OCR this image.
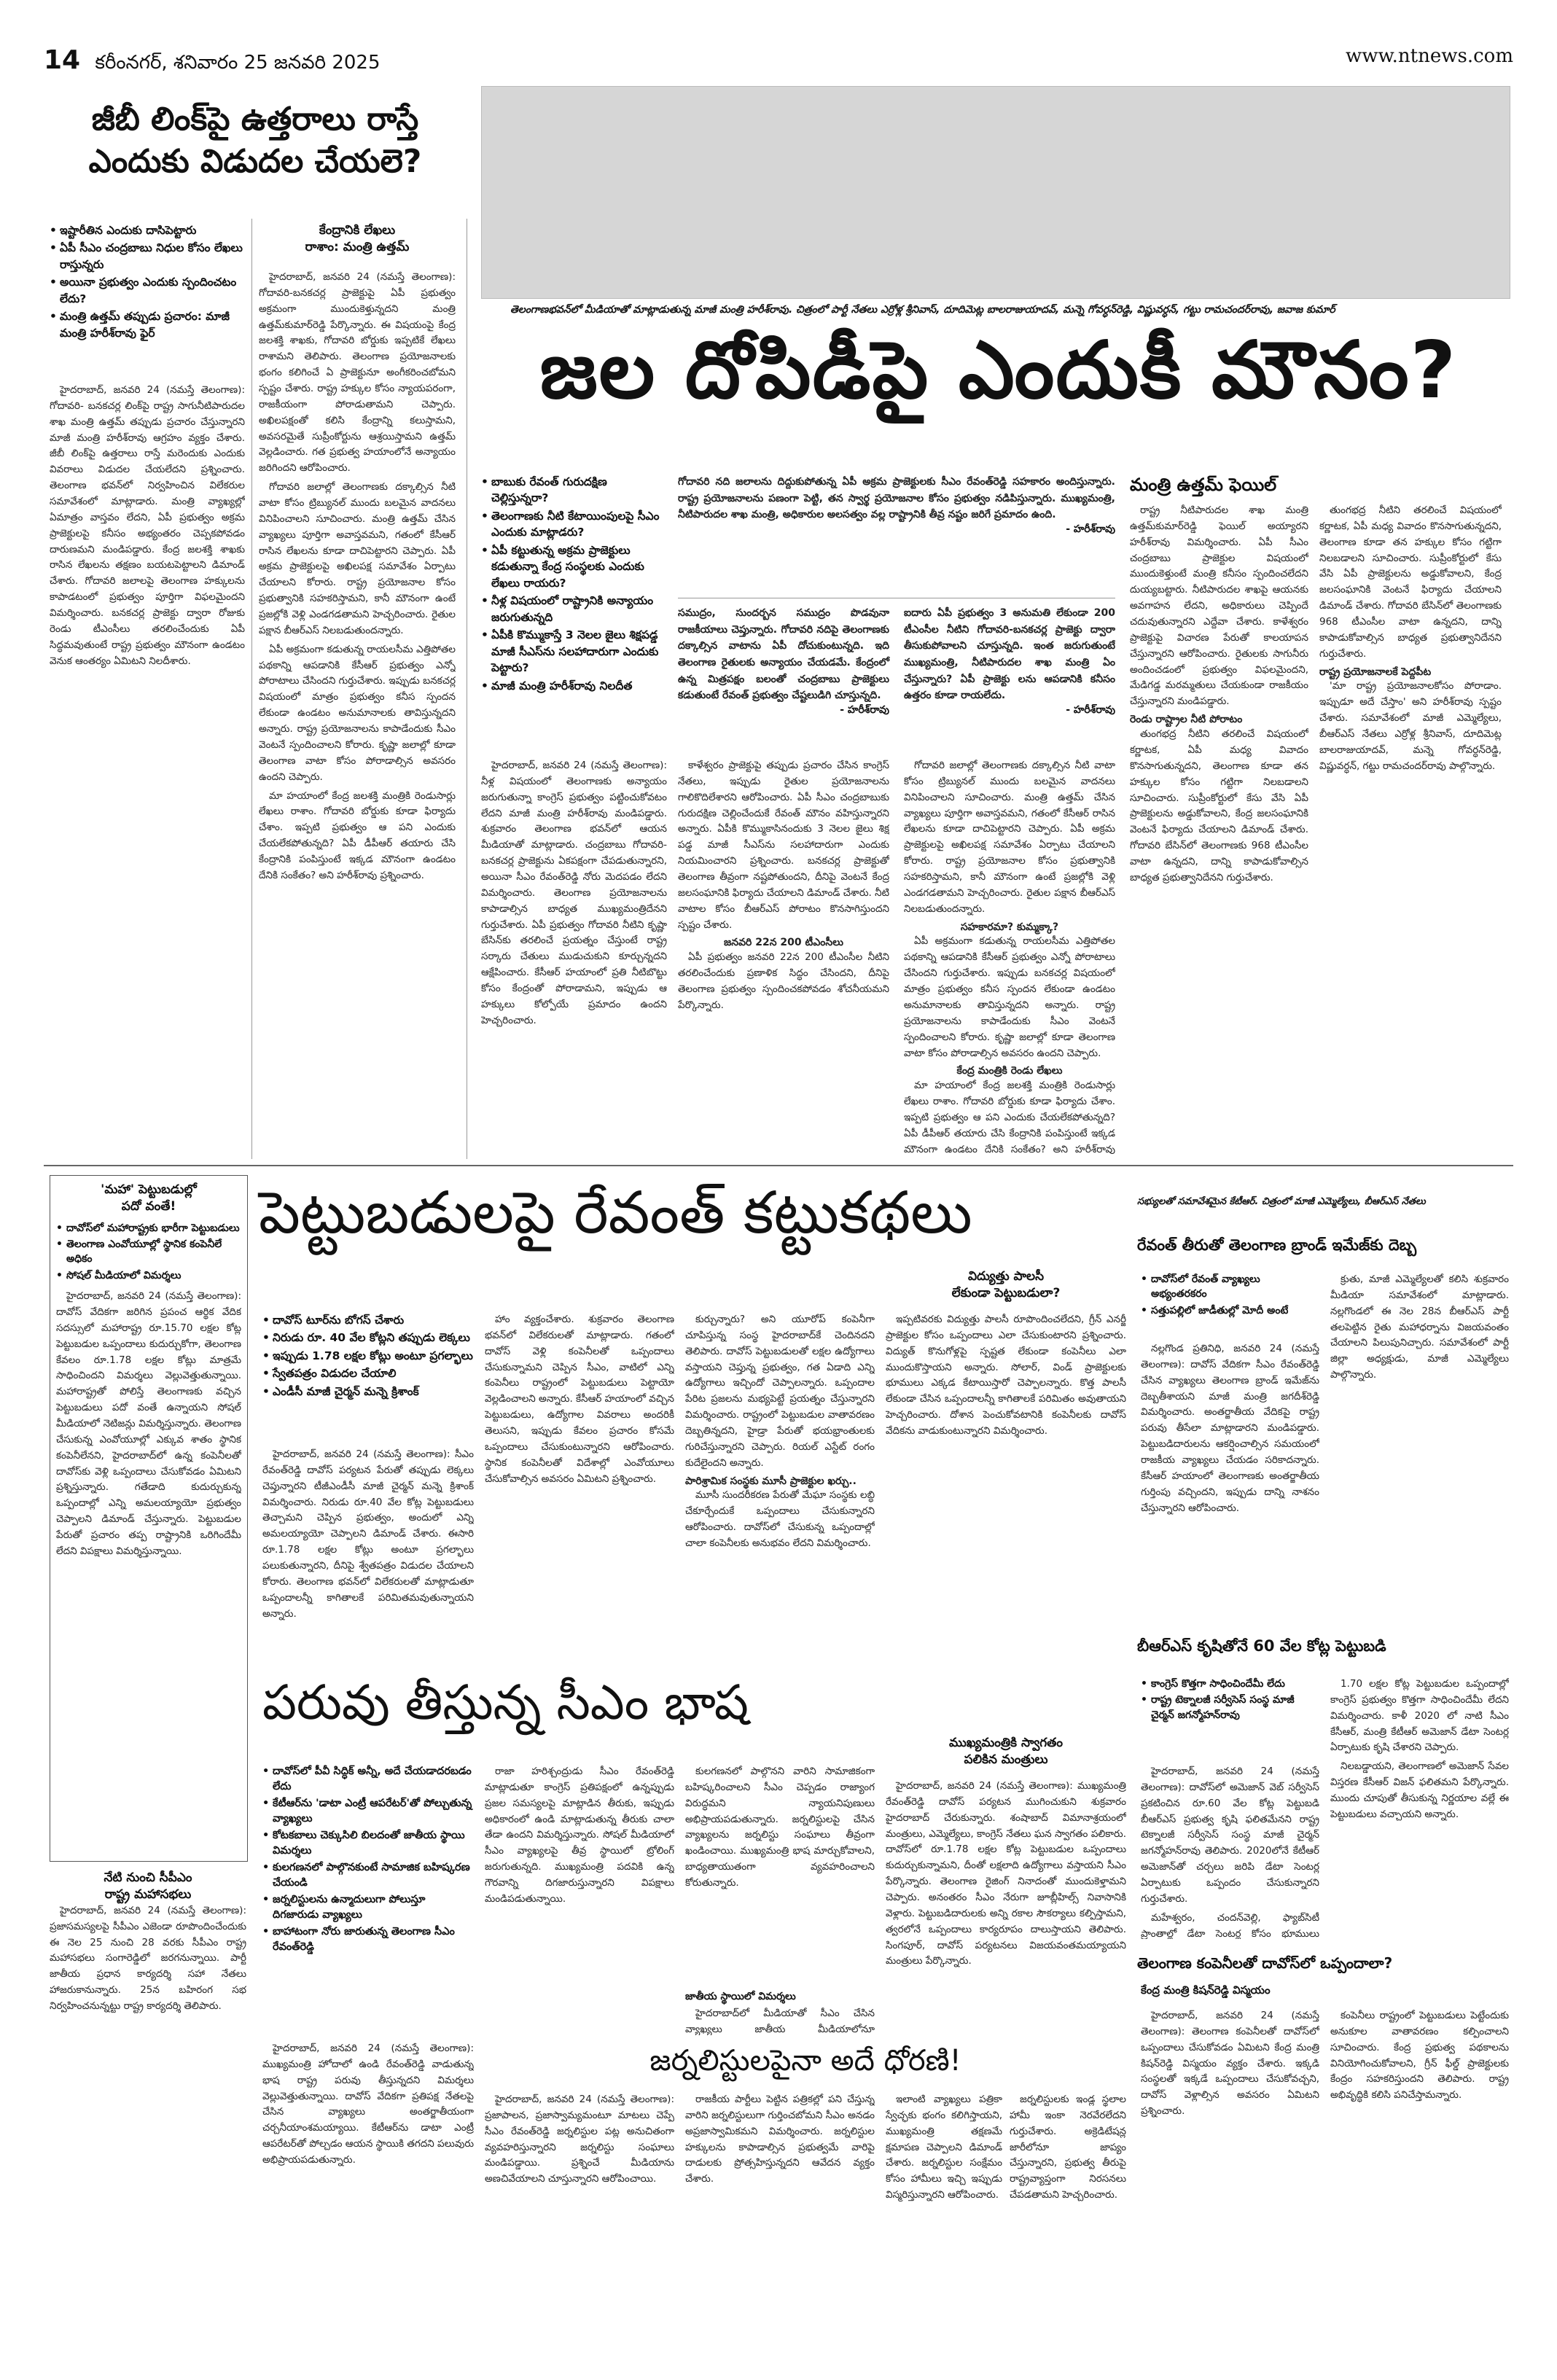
14 కరీంనగర్, శనివారం 25 జనవరి 2025	www.ntnews.com
జీబీ లింక్‌పై ఉత్తరాలు రాస్తే
ఎందుకు విడుదల చేయలె?
• ఇష్టారీతిన ఎందుకు దాసిపెట్టారు
• ఏపీ సీఎం చంద్రబాబు నిధుల కోసం లేఖలు రాస్తున్నరు
• అయినా ప్రభుత్వం ఎందుకు స్పందించటం లేదు?
• మంత్రి ఉత్తమ్‌ తప్పుడు ప్రచారం: మాజీ మంత్రి హరీశ్‌రావు ఫైర్

హైదరాబాద్‌, జనవరి 24 (నమస్తే తెలంగాణ): గోదావరి- బనకచర్ల లింక్‌పై రాష్ట్ర సాగునీటిపారుదల శాఖ మంత్రి ఉత్తమ్‌ తప్పుడు ప్రచారం చేస్తున్నారని మాజీ మంత్రి హరీశ్‌రావు ఆగ్రహం వ్యక్తం చేశారు. జీబీ లింక్‌పై ఉత్తరాలు రాస్తే మరెందుకు ఎందుకు వివరాలు విడుదల చేయలేదని ప్రశ్నించారు. తెలంగాణ భవన్‌లో నిర్వహించిన విలేకరుల సమావేశంలో మాట్లాడారు. మంత్రి వ్యాఖ్యల్లో ఏమాత్రం వాస్తవం లేదని, ఏపీ ప్రభుత్వం అక్రమ ప్రాజెక్టులపై కనీసం అభ్యంతరం చెప్పకపోవడం దారుణమని మండిపడ్డారు. కేంద్ర జలశక్తి శాఖకు రాసిన లేఖలను తక్షణం బయటపెట్టాలని డిమాండ్‌ చేశారు. గోదావరి జలాలపై తెలంగాణ హక్కులను కాపాడటంలో ప్రభుత్వం పూర్తిగా విఫలమైందని విమర్శించారు. బనకచర్ల ప్రాజెక్టు ద్వారా రోజుకు రెండు టీఎంసీలు తరలించేందుకు ఏపీ సిద్ధమవుతుంటే రాష్ట్ర ప్రభుత్వం మౌనంగా ఉండటం వెనుక ఆంతర్యం ఏమిటని నిలదీశారు.

కేంద్రానికి లేఖలు
రాశాం: మంత్రి ఉత్తమ్‌

హైదరాబాద్‌, జనవరి 24 (నమస్తే తెలంగాణ): గోదావరి-బనకచర్ల ప్రాజెక్టుపై ఏపీ ప్రభుత్వం అక్రమంగా ముందుకెళ్తున్నదని మంత్రి ఉత్తమ్‌కుమార్‌రెడ్డి పేర్కొన్నారు. ఈ విషయంపై కేంద్ర జలశక్తి శాఖకు, గోదావరి బోర్డుకు ఇప్పటికే లేఖలు రాశామని తెలిపారు. తెలంగాణ ప్రయోజనాలకు భంగం కలిగించే ఏ ప్రాజెక్టునూ అంగీకరించబోమని స్పష్టం చేశారు. రాష్ట్ర హక్కుల కోసం న్యాయపరంగా, రాజకీయంగా పోరాడుతామని చెప్పారు. అఖిలపక్షంతో కలిసి కేంద్రాన్ని కలుస్తామని, అవసరమైతే సుప్రీంకోర్టును ఆశ్రయిస్తామని ఉత్తమ్‌ వెల్లడించారు. గత ప్రభుత్వ హయాంలోనే అన్యాయం జరిగిందని ఆరోపించారు.

గోదావరి జలాల్లో తెలంగాణకు దక్కాల్సిన నీటి వాటా కోసం ట్రిబ్యునల్‌ ముందు బలమైన వాదనలు వినిపించాలని సూచించారు. మంత్రి ఉత్తమ్‌ చేసిన వ్యాఖ్యలు పూర్తిగా అవాస్తవమని, గతంలో కేసీఆర్‌ రాసిన లేఖలను కూడా దాచిపెట్టారని చెప్పారు. ఏపీ అక్రమ ప్రాజెక్టులపై అఖిలపక్ష సమావేశం ఏర్పాటు చేయాలని కోరారు. రాష్ట్ర ప్రయోజనాల కోసం ప్రభుత్వానికి సహకరిస్తామని, కానీ మౌనంగా ఉంటే ప్రజల్లోకి వెళ్లి ఎండగడతామని హెచ్చరించారు. రైతుల పక్షాన బీఆర్‌ఎస్‌ నిలబడుతుందన్నారు.

ఏపీ అక్రమంగా కడుతున్న రాయలసీమ ఎత్తిపోతల పథకాన్ని ఆపడానికి కేసీఆర్‌ ప్రభుత్వం ఎన్నో పోరాటాలు చేసిందని గుర్తుచేశారు. ఇప్పుడు బనకచర్ల విషయంలో మాత్రం ప్రభుత్వం కనీస స్పందన లేకుండా ఉండటం అనుమానాలకు తావిస్తున్నదని అన్నారు. రాష్ట్ర ప్రయోజనాలను కాపాడేందుకు సీఎం వెంటనే స్పందించాలని కోరారు. కృష్ణా జలాల్లో కూడా తెలంగాణ వాటా కోసం పోరాడాల్సిన అవసరం ఉందని చెప్పారు.

మా హయాంలో కేంద్ర జలశక్తి మంత్రికి రెండుసార్లు లేఖలు రాశాం. గోదావరి బోర్డుకు కూడా ఫిర్యాదు చేశాం. ఇప్పటి ప్రభుత్వం ఆ పని ఎందుకు చేయలేకపోతున్నది? ఏపీ డీపీఆర్‌ తయారు చేసి కేంద్రానికి పంపిస్తుంటే ఇక్కడ మౌనంగా ఉండటం దేనికి సంకేతం? అని హరీశ్‌రావు ప్రశ్నించారు.

తెలంగాణభవన్‌లో మీడియాతో మాట్లాడుతున్న మాజీ మంత్రి హరీశ్‌రావు. చిత్రంలో పార్టీ నేతలు ఎర్రోళ్ల శ్రీనివాస్‌, దూదిమెట్ల బాలరాజుయాదవ్‌, మన్నె గోవర్ధన్‌రెడ్డి, విష్ణువర్ధన్‌, గట్టు రామచందర్‌రావు, జవాజ కుమార్
జల దోపిడీపై ఎందుకీ మౌనం?
• బాబుకు రేవంత్‌ గురుదక్షిణ చెల్లిస్తున్నరా?
• తెలంగాణకు నీటి కేటాయింపులపై సీఎం ఎందుకు మాట్లాడరు?
• ఏపీ కట్టుతున్న అక్రమ ప్రాజెక్టులు కడుతున్నా కేంద్ర సంస్థలకు ఎందుకు లేఖలు రాయరు?
• నీళ్ల విషయంలో రాష్ట్రానికి అన్యాయం జరుగుతున్నది
• ఏపీకి కొమ్ముకాస్తే 3 నెలల జైలు శిక్షపడ్డ మాజీ సీఎస్‌ను సలహాదారుగా ఎందుకు పెట్టారు?
• మాజీ మంత్రి హరీశ్‌రావు నిలదీత
గోదావరి నది జలాలను దిద్దుకుపోతున్న ఏపీ అక్రమ ప్రాజెక్టులకు సీఎం రేవంత్‌రెడ్డి సహకారం అందిస్తున్నారు. రాష్ట్ర ప్రయోజనాలను పణంగా పెట్టి, తన స్వార్థ ప్రయోజనాల కోసం ప్రభుత్వం నడిపిస్తున్నారు. ముఖ్యమంత్రి, నీటిపారుదల శాఖ మంత్రి, అధికారుల అలసత్వం వల్ల రాష్ట్రానికి తీవ్ర నష్టం జరిగే ప్రమాదం ఉంది.
- హరీశ్‌రావు
సముద్రం, సుందర్బన సముద్రం పొడవునా రాజకీయాలు చెప్తున్నారు. గోదావరి నదిపై తెలంగాణకు దక్కాల్సిన వాటాను ఏపీ దోచుకుంటున్నది. ఇది తెలంగాణ రైతులకు అన్యాయం చేయడమే. కేంద్రంలో ఉన్న మిత్రపక్షం బలంతో చంద్రబాబు ప్రాజెక్టులు కడుతుంటే రేవంత్‌ ప్రభుత్వం చేష్టలుడిగి చూస్తున్నది.
- హరీశ్‌రావు
ఐదారు ఏపీ ప్రభుత్వం 3 అనుమతి లేకుండా 200 టీఎంసీల నీటిని గోదావరి-బనకచర్ల ప్రాజెక్టు ద్వారా తీసుకుపోవాలని చూస్తున్నది. ఇంత జరుగుతుంటే ముఖ్యమంత్రి, నీటిపారుదల శాఖ మంత్రి ఏం చేస్తున్నారు? ఏపీ ప్రాజెక్టు లను ఆపడానికి కనీసం ఉత్తరం కూడా రాయలేదు.
- హరీశ్‌రావు

హైదరాబాద్‌, జనవరి 24 (నమస్తే తెలంగాణ): నీళ్ల విషయంలో తెలంగాణకు అన్యాయం జరుగుతున్నా కాంగ్రెస్‌ ప్రభుత్వం పట్టించుకోవటం లేదని మాజీ మంత్రి హరీశ్‌రావు మండిపడ్డారు. శుక్రవారం తెలంగాణ భవన్‌లో ఆయన మీడియాతో మాట్లాడారు. చంద్రబాబు గోదావరి-బనకచర్ల ప్రాజెక్టును ఏకపక్షంగా చేపడుతున్నారని, అయినా సీఎం రేవంత్‌రెడ్డి నోరు మెదపడం లేదని విమర్శించారు. తెలంగాణ ప్రయోజనాలను కాపాడాల్సిన బాధ్యత ముఖ్యమంత్రిదేనని గుర్తుచేశారు. ఏపీ ప్రభుత్వం గోదావరి నీటిని కృష్ణా బేసిన్‌కు తరలించే ప్రయత్నం చేస్తుంటే రాష్ట్ర సర్కారు చేతులు ముడుచుకుని కూర్చున్నదని ఆక్షేపించారు. కేసీఆర్‌ హయాంలో ప్రతి నీటిబొట్టు కోసం కేంద్రంతో పోరాడామని, ఇప్పుడు ఆ హక్కులు కోల్పోయే ప్రమాదం ఉందని హెచ్చరించారు.

కాళేశ్వరం ప్రాజెక్టుపై తప్పుడు ప్రచారం చేసిన కాంగ్రెస్‌ నేతలు, ఇప్పుడు రైతుల ప్రయోజనాలను గాలికొదిలేశారని ఆరోపించారు. ఏపీ సీఎం చంద్రబాబుకు గురుదక్షిణ చెల్లించేందుకే రేవంత్‌ మౌనం వహిస్తున్నారని అన్నారు. ఏపీకి కొమ్ముకాసినందుకు 3 నెలల జైలు శిక్ష పడ్డ మాజీ సీఎస్‌ను సలహాదారుగా ఎందుకు నియమించారని ప్రశ్నించారు. బనకచర్ల ప్రాజెక్టుతో తెలంగాణ తీవ్రంగా నష్టపోతుందని, దీనిపై వెంటనే కేంద్ర జలసంఘానికి ఫిర్యాదు చేయాలని డిమాండ్‌ చేశారు. నీటి వాటాల కోసం బీఆర్‌ఎస్‌ పోరాటం కొనసాగిస్తుందని స్పష్టం చేశారు.

జనవరి 22న 200 టీఎంసీలు

ఏపీ ప్రభుత్వం జనవరి 22న 200 టీఎంసీల నీటిని తరలించేందుకు ప్రణాళిక సిద్ధం చేసిందని, దీనిపై తెలంగాణ ప్రభుత్వం స్పందించకపోవడం శోచనీయమని పేర్కొన్నారు.

గోదావరి జలాల్లో తెలంగాణకు దక్కాల్సిన నీటి వాటా కోసం ట్రిబ్యునల్‌ ముందు బలమైన వాదనలు వినిపించాలని సూచించారు. మంత్రి ఉత్తమ్‌ చేసిన వ్యాఖ్యలు పూర్తిగా అవాస్తవమని, గతంలో కేసీఆర్‌ రాసిన లేఖలను కూడా దాచిపెట్టారని చెప్పారు. ఏపీ అక్రమ ప్రాజెక్టులపై అఖిలపక్ష సమావేశం ఏర్పాటు చేయాలని కోరారు. రాష్ట్ర ప్రయోజనాల కోసం ప్రభుత్వానికి సహకరిస్తామని, కానీ మౌనంగా ఉంటే ప్రజల్లోకి వెళ్లి ఎండగడతామని హెచ్చరించారు. రైతుల పక్షాన బీఆర్‌ఎస్‌ నిలబడుతుందన్నారు.

సహకారమా? కుమ్మక్కా?

ఏపీ అక్రమంగా కడుతున్న రాయలసీమ ఎత్తిపోతల పథకాన్ని ఆపడానికి కేసీఆర్‌ ప్రభుత్వం ఎన్నో పోరాటాలు చేసిందని గుర్తుచేశారు. ఇప్పుడు బనకచర్ల విషయంలో మాత్రం ప్రభుత్వం కనీస స్పందన లేకుండా ఉండటం అనుమానాలకు తావిస్తున్నదని అన్నారు. రాష్ట్ర ప్రయోజనాలను కాపాడేందుకు సీఎం వెంటనే స్పందించాలని కోరారు. కృష్ణా జలాల్లో కూడా తెలంగాణ వాటా కోసం పోరాడాల్సిన అవసరం ఉందని చెప్పారు.

కేంద్ర మంత్రికి రెండు లేఖలు

మా హయాంలో కేంద్ర జలశక్తి మంత్రికి రెండుసార్లు లేఖలు రాశాం. గోదావరి బోర్డుకు కూడా ఫిర్యాదు చేశాం. ఇప్పటి ప్రభుత్వం ఆ పని ఎందుకు చేయలేకపోతున్నది? ఏపీ డీపీఆర్‌ తయారు చేసి కేంద్రానికి పంపిస్తుంటే ఇక్కడ మౌనంగా ఉండటం దేనికి సంకేతం? అని హరీశ్‌రావు

మంత్రి ఉత్తమ్‌ ఫెయిల్‌

రాష్ట్ర నీటిపారుదల శాఖ మంత్రి ఉత్తమ్‌కుమార్‌రెడ్డి ఫెయిల్‌ అయ్యారని హరీశ్‌రావు విమర్శించారు. ఏపీ సీఎం చంద్రబాబు ప్రాజెక్టుల విషయంలో ముందుకెళ్తుంటే మంత్రి కనీసం స్పందించలేదని దుయ్యబట్టారు. నీటిపారుదల శాఖపై ఆయనకు అవగాహన లేదని, అధికారులు చెప్పిందే చదువుతున్నారని ఎద్దేవా చేశారు. కాళేశ్వరం ప్రాజెక్టుపై విచారణ పేరుతో కాలయాపన చేస్తున్నారని ఆరోపించారు. రైతులకు సాగునీరు అందించడంలో ప్రభుత్వం విఫలమైందని, మేడిగడ్డ మరమ్మతులు చేయకుండా రాజకీయం చేస్తున్నారని మండిపడ్డారు.

రెండు రాష్ట్రాల నీటి పోరాటం

తుంగభద్ర నీటిని తరలించే విషయంలో కర్ణాటక, ఏపీ మధ్య వివాదం కొనసాగుతున్నదని, తెలంగాణ కూడా తన హక్కుల కోసం గట్టిగా నిలబడాలని సూచించారు. సుప్రీంకోర్టులో కేసు వేసి ఏపీ ప్రాజెక్టులను అడ్డుకోవాలని, కేంద్ర జలసంఘానికి వెంటనే ఫిర్యాదు చేయాలని డిమాండ్‌ చేశారు. గోదావరి బేసిన్‌లో తెలంగాణకు 968 టీఎంసీల వాటా ఉన్నదని, దాన్ని కాపాడుకోవాల్సిన బాధ్యత ప్రభుత్వానిదేనని గుర్తుచేశారు.

తుంగభద్ర నీటిని తరలించే విషయంలో కర్ణాటక, ఏపీ మధ్య వివాదం కొనసాగుతున్నదని, తెలంగాణ కూడా తన హక్కుల కోసం గట్టిగా నిలబడాలని సూచించారు. సుప్రీంకోర్టులో కేసు వేసి ఏపీ ప్రాజెక్టులను అడ్డుకోవాలని, కేంద్ర జలసంఘానికి వెంటనే ఫిర్యాదు చేయాలని డిమాండ్‌ చేశారు. గోదావరి బేసిన్‌లో తెలంగాణకు 968 టీఎంసీల వాటా ఉన్నదని, దాన్ని కాపాడుకోవాల్సిన బాధ్యత ప్రభుత్వానిదేనని గుర్తుచేశారు.

రాష్ట్ర ప్రయోజనాలకే పెద్దపీట

'మా రాష్ట్ర ప్రయోజనాలకోసం పోరాడాం. ఇప్పుడూ అదే చేస్తాం' అని హరీశ్‌రావు స్పష్టం చేశారు. సమావేశంలో మాజీ ఎమ్మెల్యేలు, బీఆర్‌ఎస్‌ నేతలు ఎర్రోళ్ల శ్రీనివాస్‌, దూదిమెట్ల బాలరాజుయాదవ్‌, మన్నె గోవర్ధన్‌రెడ్డి, విష్ణువర్ధన్‌, గట్టు రామచందర్‌రావు పాల్గొన్నారు.

'మహా' పెట్టుబడుల్లో
పదో వంతే!
• దావోస్‌లో మహారాష్ట్రకు భారీగా పెట్టుబడులు
• తెలంగాణ ఎంవోయూల్లో స్థానిక కంపెనీలే అధికం
• సోషల్‌ మీడియాలో విమర్శలు

హైదరాబాద్‌, జనవరి 24 (నమస్తే తెలంగాణ): దావోస్‌ వేదికగా జరిగిన ప్రపంచ ఆర్థిక వేదిక సదస్సులో మహారాష్ట్ర రూ.15.70 లక్షల కోట్ల పెట్టుబడుల ఒప్పందాలు కుదుర్చుకోగా, తెలంగాణ కేవలం రూ.1.78 లక్షల కోట్లు మాత్రమే సాధించిందని విమర్శలు వెల్లువెత్తుతున్నాయి. మహారాష్ట్రతో పోలిస్తే తెలంగాణకు వచ్చిన పెట్టుబడులు పదో వంతే ఉన్నాయని సోషల్‌ మీడియాలో నెటిజన్లు విమర్శిస్తున్నారు. తెలంగాణ చేసుకున్న ఎంవోయూల్లో ఎక్కువ శాతం స్థానిక కంపెనీలేనని, హైదరాబాద్‌లో ఉన్న కంపెనీలతో దావోస్‌కు వెళ్లి ఒప్పందాలు చేసుకోవడం ఏమిటని ప్రశ్నిస్తున్నారు. గతేడాది కుదుర్చుకున్న ఒప్పందాల్లో ఎన్ని అమలయ్యాయో ప్రభుత్వం చెప్పాలని డిమాండ్‌ చేస్తున్నారు. పెట్టుబడుల పేరుతో ప్రచారం తప్ప రాష్ట్రానికి ఒరిగిందేమీ లేదని విపక్షాలు విమర్శిస్తున్నాయి.

నేటి నుంచి సీపీఎం
రాష్ట్ర మహాసభలు

హైదరాబాద్‌, జనవరి 24 (నమస్తే తెలంగాణ): ప్రజాసమస్యలపై సీపీఎం ఎజెండా రూపొందించేందుకు ఈ నెల 25 నుంచి 28 వరకు సీపీఎం రాష్ట్ర మహాసభలు సంగారెడ్డిలో జరగనున్నాయి. పార్టీ జాతీయ ప్రధాన కార్యదర్శి సహా నేతలు హాజరుకానున్నారు. 25న బహిరంగ సభ నిర్వహించనున్నట్టు రాష్ట్ర కార్యదర్శి తెలిపారు.

పెట్టుబడులపై రేవంత్‌ కట్టుకథలు
• దావోస్‌ టూర్‌ను బోగస్‌ చేశారు
• నిరుడు రూ. 40 వేల కోట్లని తప్పుడు లెక్కలు
• ఇప్పుడు 1.78 లక్షల కోట్లు అంటూ ప్రగల్భాలు
• స్వేతపత్రం విడుదల చేయాలి
• ఎండీసీ మాజీ చైర్మన్‌ మన్నె క్రిశాంక్‌

హైదరాబాద్‌, జనవరి 24 (నమస్తే తెలంగాణ): సీఎం రేవంత్‌రెడ్డి దావోస్‌ పర్యటన పేరుతో తప్పుడు లెక్కలు చెప్తున్నారని టీజీఎండీసీ మాజీ చైర్మన్‌ మన్నె క్రిశాంక్‌ విమర్శించారు. నిరుడు రూ.40 వేల కోట్ల పెట్టుబడులు తెచ్చామని చెప్పిన ప్రభుత్వం, అందులో ఎన్ని అమలయ్యాయో చెప్పాలని డిమాండ్‌ చేశారు. ఈసారి రూ.1.78 లక్షల కోట్లు అంటూ ప్రగల్భాలు పలుకుతున్నారని, దీనిపై శ్వేతపత్రం విడుదల చేయాలని కోరారు. తెలంగాణ భవన్‌లో విలేకరులతో మాట్లాడుతూ ఒప్పందాలన్నీ కాగితాలకే పరిమితమవుతున్నాయని అన్నారు.

హాం వ్యక్తంచేశారు. శుక్రవారం తెలంగాణ భవన్‌లో విలేకరులతో మాట్లాడారు. గతంలో దావోస్‌ వెళ్లి కంపెనీలతో ఒప్పందాలు చేసుకున్నామని చెప్పిన సీఎం, వాటిలో ఎన్ని కంపెనీలు రాష్ట్రంలో పెట్టుబడులు పెట్టాయో వెల్లడించాలని అన్నారు. కేసీఆర్‌ హయాంలో వచ్చిన పెట్టుబడులు, ఉద్యోగాల వివరాలు అందరికీ తెలుసని, ఇప్పుడు కేవలం ప్రచారం కోసమే ఒప్పందాలు చేసుకుంటున్నారని ఆరోపించారు. స్థానిక కంపెనీలతో విదేశాల్లో ఎంవోయూలు చేసుకోవాల్సిన అవసరం ఏమిటని ప్రశ్నించారు.

కుర్చున్నారు? అని యూరోప్‌ కంపెనీగా చూపిస్తున్న సంస్థ హైదరాబాద్‌కే చెందినదని తెలిపారు. దావోస్‌ పెట్టుబడులతో లక్షల ఉద్యోగాలు వస్తాయని చెప్తున్న ప్రభుత్వం, గత ఏడాది ఎన్ని ఉద్యోగాలు ఇచ్చిందో చెప్పాలన్నారు. ఒప్పందాల పేరిట ప్రజలను మభ్యపెట్టే ప్రయత్నం చేస్తున్నారని విమర్శించారు. రాష్ట్రంలో పెట్టుబడుల వాతావరణం దెబ్బతిన్నదని, హైడ్రా పేరుతో భయభ్రాంతులకు గురిచేస్తున్నారని చెప్పారు. రియల్‌ ఎస్టేట్‌ రంగం కుదేలైందని అన్నారు.

పారిశ్రామిక సంస్థకు మూసీ ప్రాజెక్టుల ఖర్చు..

మూసీ సుందరీకరణ పేరుతో మేఘా సంస్థకు లబ్ధి చేకూర్చేందుకే ఒప్పందాలు చేసుకున్నారని ఆరోపించారు. దావోస్‌లో చేసుకున్న ఒప్పందాల్లో చాలా కంపెనీలకు అనుభవం లేదని విమర్శించారు.

విద్యుత్తు పాలసీ
లేకుండా పెట్టుబడులా?

ఇప్పటివరకు విద్యుత్తు పాలసీ రూపొందించలేదని, గ్రీన్‌ ఎనర్జీ ప్రాజెక్టుల కోసం ఒప్పందాలు ఎలా చేసుకుంటారని ప్రశ్నించారు. విద్యుత్‌ కొనుగోళ్లపై స్పష్టత లేకుండా కంపెనీలు ఎలా ముందుకొస్తాయని అన్నారు. సోలార్‌, విండ్‌ ప్రాజెక్టులకు భూములు ఎక్కడ కేటాయిస్తారో చెప్పాలన్నారు. కొత్త పాలసీ లేకుండా చేసిన ఒప్పందాలన్నీ కాగితాలకే పరిమితం అవుతాయని హెచ్చరించారు. దోశాన పెంచుకోవటానికి కంపెనీలకు దావోస్‌ వేదికను వాడుకుంటున్నారని విమర్శించారు.

సభ్యులతో సమావేశమైన కేటీఆర్‌. చిత్రంలో మాజీ ఎమ్మెల్యేలు, బీఆర్‌ఎస్‌ నేతలు
రేవంత్‌ తీరుతో తెలంగాణ బ్రాండ్‌ ఇమేజ్‌కు దెబ్బ
• దావోస్‌లో రేవంత్‌ వ్యాఖ్యలు అభ్యంతరకరం
• సత్తుపల్లిలో జాడీతుల్లో మోదీ అంటే

నల్లగొండ ప్రతినిధి, జనవరి 24 (నమస్తే తెలంగాణ): దావోస్‌ వేదికగా సీఎం రేవంత్‌రెడ్డి చేసిన వ్యాఖ్యలు తెలంగాణ బ్రాండ్‌ ఇమేజ్‌ను దెబ్బతీశాయని మాజీ మంత్రి జగదీశ్‌రెడ్డి విమర్శించారు. అంతర్జాతీయ వేదికపై రాష్ట్ర పరువు తీసేలా మాట్లాడారని మండిపడ్డారు. పెట్టుబడిదారులను ఆకర్షించాల్సిన సమయంలో రాజకీయ వ్యాఖ్యలు చేయడం సరికాదన్నారు. కేసీఆర్‌ హయాంలో తెలంగాణకు అంతర్జాతీయ గుర్తింపు వచ్చిందని, ఇప్పుడు దాన్ని నాశనం చేస్తున్నారని ఆరోపించారు.

క్రుతు, మాజీ ఎమ్మెల్యేలతో కలిసి శుక్రవారం మీడియా సమావేశంలో మాట్లాడారు. నల్లగొండలో ఈ నెల 28న బీఆర్‌ఎస్‌ పార్టీ తలపెట్టిన రైతు మహాధర్నాను విజయవంతం చేయాలని పిలుపునిచ్చారు. సమావేశంలో పార్టీ జిల్లా అధ్యక్షుడు, మాజీ ఎమ్మెల్యేలు పాల్గొన్నారు.

బీఆర్‌ఎస్‌ కృషితోనే 60 వేల కోట్ల పెట్టుబడి
• కాంగ్రెస్‌ కొత్తగా సాధించిందేమీ లేదు
• రాష్ట్ర టెక్నాలజీ సర్వీసెస్‌ సంస్థ మాజీ చైర్మన్‌ జగన్మోహన్‌రావు

హైదరాబాద్‌, జనవరి 24 (నమస్తే తెలంగాణ): దావోస్‌లో అమెజాన్‌ వెబ్‌ సర్వీసెస్‌ ప్రకటించిన రూ.60 వేల కోట్ల పెట్టుబడి బీఆర్‌ఎస్‌ ప్రభుత్వ కృషి ఫలితమేనని రాష్ట్ర టెక్నాలజీ సర్వీసెస్‌ సంస్థ మాజీ చైర్మన్‌ జగన్మోహన్‌రావు తెలిపారు. 2020లోనే కేటీఆర్‌ అమెజాన్‌తో చర్చలు జరిపి డేటా సెంటర్ల ఏర్పాటుకు ఒప్పందం చేసుకున్నారని గుర్తుచేశారు.

మహేశ్వరం, చందన్‌వెల్లి, ఫ్యాబ్‌సిటీ ప్రాంతాల్లో డేటా సెంటర్ల కోసం భూములు

1.70 లక్షల కోట్ల పెట్టుబడుల ఒప్పందాల్లో కాంగ్రెస్‌ ప్రభుత్వం కొత్తగా సాధించిందేమీ లేదని విమర్శించారు. కాళీ 2020 లో నాటి సీఎం కేసీఆర్‌, మంత్రి కేటీఆర్‌ అమెజాన్‌ డేటా సెంటర్ల ఏర్పాటుకు కృషి చేశారని చెప్పారు.

నిలబడ్డాయని, తెలంగాణలో అమెజాన్‌ సేవల విస్తరణ కేసీఆర్‌ విజన్‌ ఫలితమని పేర్కొన్నారు. ముందు చూపుతో తీసుకున్న నిర్ణయాల వల్లే ఈ పెట్టుబడులు వచ్చాయని అన్నారు.

తెలంగాణ కంపెనీలతో దావోస్‌లో ఒప్పందాలా?
కేంద్ర మంత్రి కిషన్‌రెడ్డి విస్మయం

హైదరాబాద్‌, జనవరి 24 (నమస్తే తెలంగాణ): తెలంగాణ కంపెనీలతో దావోస్‌లో ఒప్పందాలు చేసుకోవడం ఏమిటని కేంద్ర మంత్రి కిషన్‌రెడ్డి విస్మయం వ్యక్తం చేశారు. ఇక్కడి సంస్థలతో ఇక్కడే ఒప్పందాలు చేసుకోవచ్చని, దావోస్‌ వెళ్లాల్సిన అవసరం ఏమిటని ప్రశ్నించారు.

కంపెనీలు రాష్ట్రంలో పెట్టుబడులు పెట్టేందుకు అనుకూల వాతావరణం కల్పించాలని సూచించారు. కేంద్ర ప్రభుత్వ పథకాలను వినియోగించుకోవాలని, గ్రీన్‌ ఫీల్డ్‌ ప్రాజెక్టులకు కేంద్రం సహకరిస్తుందని తెలిపారు. రాష్ట్ర అభివృద్ధికి కలిసి పనిచేస్తామన్నారు.

పరువు తీస్తున్న సీఎం భాష
• దావోస్‌లో పీవీ సిద్ధిక్‌ అన్నీ, అదే చేయడాదరబడం లేదు
• కేటీఆర్‌ను 'డాటా ఎంట్రీ ఆపరేటర్‌'తో పోల్చుతున్న వ్యాఖ్యలు
• కోటకబాలు చెక్కుసిలి బిలదంతో జాతీయ స్థాయి విమర్శలు
• కులగణనలో పాల్గొనకుంటే సామాజిక బహిష్కరణ చేయండి
• జర్నలిస్టులను ఉన్మాదులుగా పోలుస్తూ దిగజారుడు వ్యాఖ్యలు
• బాహాటంగా నోరు జారుతున్న తెలంగాణ సీఎం రేవంత్‌రెడ్డి

హైదరాబాద్‌, జనవరి 24 (నమస్తే తెలంగాణ): ముఖ్యమంత్రి హోదాలో ఉండి రేవంత్‌రెడ్డి వాడుతున్న భాష రాష్ట్ర పరువు తీస్తున్నదని విమర్శలు వెల్లువెత్తుతున్నాయి. దావోస్‌ వేదికగా ప్రతిపక్ష నేతలపై చేసిన వ్యాఖ్యలు అంతర్జాతీయంగా చర్చనీయాంశమయ్యాయి. కేటీఆర్‌ను డాటా ఎంట్రీ ఆపరేటర్‌తో పోల్చడం ఆయన స్థాయికి తగదని పలువురు అభిప్రాయపడుతున్నారు.

రాజా హరిశ్చంద్రుడు సీఎం రేవంత్‌రెడ్డి మాట్లాడుతూ కాంగ్రెస్‌ ప్రతిపక్షంలో ఉన్నప్పుడు ప్రజల సమస్యలపై మాట్లాడిన తీరుకు, ఇప్పుడు అధికారంలో ఉండి మాట్లాడుతున్న తీరుకు చాలా తేడా ఉందని విమర్శిస్తున్నారు. సోషల్‌ మీడియాలో సీఎం వ్యాఖ్యలపై తీవ్ర స్థాయిలో ట్రోలింగ్‌ జరుగుతున్నది. ముఖ్యమంత్రి పదవికి ఉన్న గౌరవాన్ని దిగజారుస్తున్నారని విపక్షాలు మండిపడుతున్నాయి.

కులగణనలో పాల్గొనని వారిని సామాజికంగా బహిష్కరించాలని సీఎం చెప్పడం రాజ్యాంగ విరుద్ధమని న్యాయనిపుణులు అభిప్రాయపడుతున్నారు. జర్నలిస్టులపై చేసిన వ్యాఖ్యలను జర్నలిస్టు సంఘాలు తీవ్రంగా ఖండించాయి. ముఖ్యమంత్రి భాష మార్చుకోవాలని, బాధ్యతాయుతంగా వ్యవహరించాలని కోరుతున్నారు.

జాతీయ స్థాయిలో విమర్శలు

హైదరాబాద్‌లో మీడియాతో సీఎం చేసిన వ్యాఖ్యలు జాతీయ మీడియాలోనూ

ముఖ్యమంత్రికి స్వాగతం
పలికిన మంత్రులు

హైదరాబాద్‌, జనవరి 24 (నమస్తే తెలంగాణ): ముఖ్యమంత్రి రేవంత్‌రెడ్డి దావోస్‌ పర్యటన ముగించుకుని శుక్రవారం హైదరాబాద్‌ చేరుకున్నారు. శంషాబాద్‌ విమానాశ్రయంలో మంత్రులు, ఎమ్మెల్యేలు, కాంగ్రెస్‌ నేతలు ఘన స్వాగతం పలికారు. దావోస్‌లో రూ.1.78 లక్షల కోట్ల పెట్టుబడుల ఒప్పందాలు కుదుర్చుకున్నామని, దీంతో లక్షలాది ఉద్యోగాలు వస్తాయని సీఎం పేర్కొన్నారు. తెలంగాణ రైజింగ్‌ నినాదంతో ముందుకెళ్తామని చెప్పారు. అనంతరం సీఎం నేరుగా జూబ్లీహిల్స్‌ నివాసానికి వెళ్లారు. పెట్టుబడిదారులకు అన్ని రకాల సౌకర్యాలు కల్పిస్తామని, త్వరలోనే ఒప్పందాలు కార్యరూపం దాలుస్తాయని తెలిపారు. సింగపూర్‌, దావోస్‌ పర్యటనలు విజయవంతమయ్యాయని మంత్రులు పేర్కొన్నారు.

జర్నలిస్టులపైనా అదే ధోరణి!

హైదరాబాద్‌, జనవరి 24 (నమస్తే తెలంగాణ): ప్రజాపాలన, ప్రజాస్వామ్యమంటూ మాటలు చెప్పే సీఎం రేవంత్‌రెడ్డి జర్నలిస్టుల పట్ల అనుచితంగా వ్యవహరిస్తున్నారని జర్నలిస్టు సంఘాలు మండిపడ్డాయి. ప్రశ్నించే మీడియాను అణచివేయాలని చూస్తున్నారని ఆరోపించాయి.

రాజకీయ పార్టీలు పెట్టిన పత్రికల్లో పని చేస్తున్న వారిని జర్నలిస్టులుగా గుర్తించబోమని సీఎం అనడం అప్రజాస్వామికమని విమర్శించారు. జర్నలిస్టుల హక్కులను కాపాడాల్సిన ప్రభుత్వమే వారిపై దాడులకు ప్రోత్సహిస్తున్నదని ఆవేదన వ్యక్తం చేశారు.

ఇలాంటి వ్యాఖ్యలు పత్రికా స్వేచ్ఛకు భంగం కలిగిస్తాయని, ముఖ్యమంత్రి తక్షణమే క్షమాపణ చెప్పాలని డిమాండ్‌ చేశారు. జర్నలిస్టుల సంక్షేమం కోసం హామీలు ఇచ్చి ఇప్పుడు విస్మరిస్తున్నారని ఆరోపించారు.

జర్నలిస్టులకు ఇండ్ల స్థలాల హామీ ఇంకా నెరవేరలేదని గుర్తుచేశారు. అక్రెడిటేషన్ల జారీలోనూ జాప్యం చేస్తున్నారని, ప్రభుత్వ తీరుపై రాష్ట్రవ్యాప్తంగా నిరసనలు చేపడతామని హెచ్చరించారు.
